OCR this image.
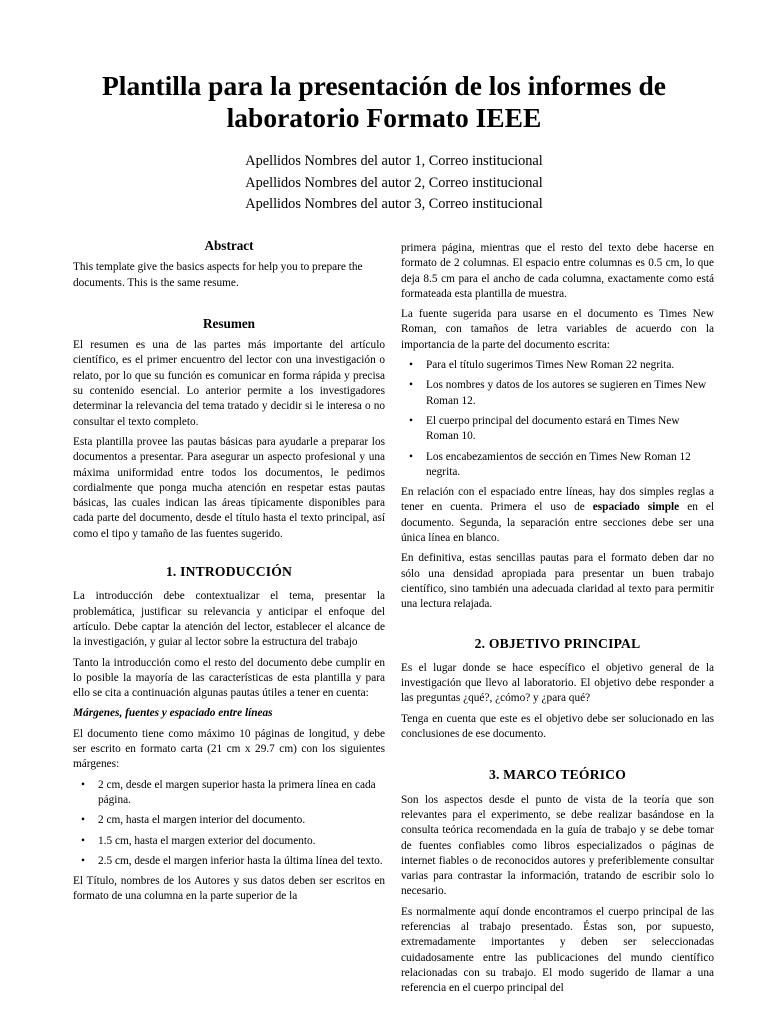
Plantilla para la presentación de los informes de laboratorio Formato IEEE

Apellidos Nombres del autor 1, Correo institucional

Apellidos Nombres del autor 2, Correo institucional

Apellidos Nombres del autor 3, Correo institucional

Abstract

This template give the basics aspects for help you to prepare the documents. This is the same resume.

Resumen

El resumen es una de las partes más importante del artículo científico, es el primer encuentro del lector con una investigación o relato, por lo que su función es comunicar en forma rápida y precisa su contenido esencial. Lo anterior permite a los investigadores determinar la relevancia del tema tratado y decidir si le interesa o no consultar el texto completo.

Esta plantilla provee las pautas básicas para ayudarle a preparar los documentos a presentar. Para asegurar un aspecto profesional y una máxima uniformidad entre todos los documentos, le pedimos cordialmente que ponga mucha atención en respetar estas pautas básicas, las cuales indican las áreas típicamente disponibles para cada parte del documento, desde el título hasta el texto principal, así como el tipo y tamaño de las fuentes sugerido.

1. INTRODUCCIÓN

La introducción debe contextualizar el tema, presentar la problemática, justificar su relevancia y anticipar el enfoque del artículo. Debe captar la atención del lector, establecer el alcance de la investigación, y guiar al lector sobre la estructura del trabajo

Tanto la introducción como el resto del documento debe cumplir en lo posible la mayoría de las características de esta plantilla y para ello se cita a continuación algunas pautas útiles a tener en cuenta:

Márgenes, fuentes y espaciado entre líneas

El documento tiene como máximo 10 páginas de longitud, y debe ser escrito en formato carta (21 cm x 29.7 cm) con los siguientes márgenes:

• 2 cm, desde el margen superior hasta la primera línea en cada página.
• 2 cm, hasta el margen interior del documento.
• 1.5 cm, hasta el margen exterior del documento.
• 2.5 cm, desde el margen inferior hasta la última línea del texto.

El Título, nombres de los Autores y sus datos deben ser escritos en formato de una columna en la parte superior de la

primera página, mientras que el resto del texto debe hacerse en formato de 2 columnas. El espacio entre columnas es 0.5 cm, lo que deja 8.5 cm para el ancho de cada columna, exactamente como está formateada esta plantilla de muestra.

La fuente sugerida para usarse en el documento es Times New Roman, con tamaños de letra variables de acuerdo con la importancia de la parte del documento escrita:

• Para el título sugerimos Times New Roman 22 negrita.
• Los nombres y datos de los autores se sugieren en Times New Roman 12.
• El cuerpo principal del documento estará en Times New Roman 10.
• Los encabezamientos de sección en Times New Roman 12 negrita.

En relación con el espaciado entre líneas, hay dos simples reglas a tener en cuenta. Primera el uso de espaciado simple en el documento. Segunda, la separación entre secciones debe ser una única línea en blanco.

En definitiva, estas sencillas pautas para el formato deben dar no sólo una densidad apropiada para presentar un buen trabajo científico, sino también una adecuada claridad al texto para permitir una lectura relajada.

2. OBJETIVO PRINCIPAL

Es el lugar donde se hace específico el objetivo general de la investigación que llevo al laboratorio. El objetivo debe responder a las preguntas ¿qué?, ¿cómo? y ¿para qué?

Tenga en cuenta que este es el objetivo debe ser solucionado en las conclusiones de ese documento.

3. MARCO TEÓRICO

Son los aspectos desde el punto de vista de la teoría que son relevantes para el experimento, se debe realizar basándose en la consulta teórica recomendada en la guía de trabajo y se debe tomar de fuentes confiables como libros especializados o páginas de internet fiables o de reconocidos autores y preferiblemente consultar varias para contrastar la información, tratando de escribir solo lo necesario.

Es normalmente aquí donde encontramos el cuerpo principal de las referencias al trabajo presentado. Éstas son, por supuesto, extremadamente importantes y deben ser seleccionadas cuidadosamente entre las publicaciones del mundo científico relacionadas con su trabajo. El modo sugerido de llamar a una referencia en el cuerpo principal del
